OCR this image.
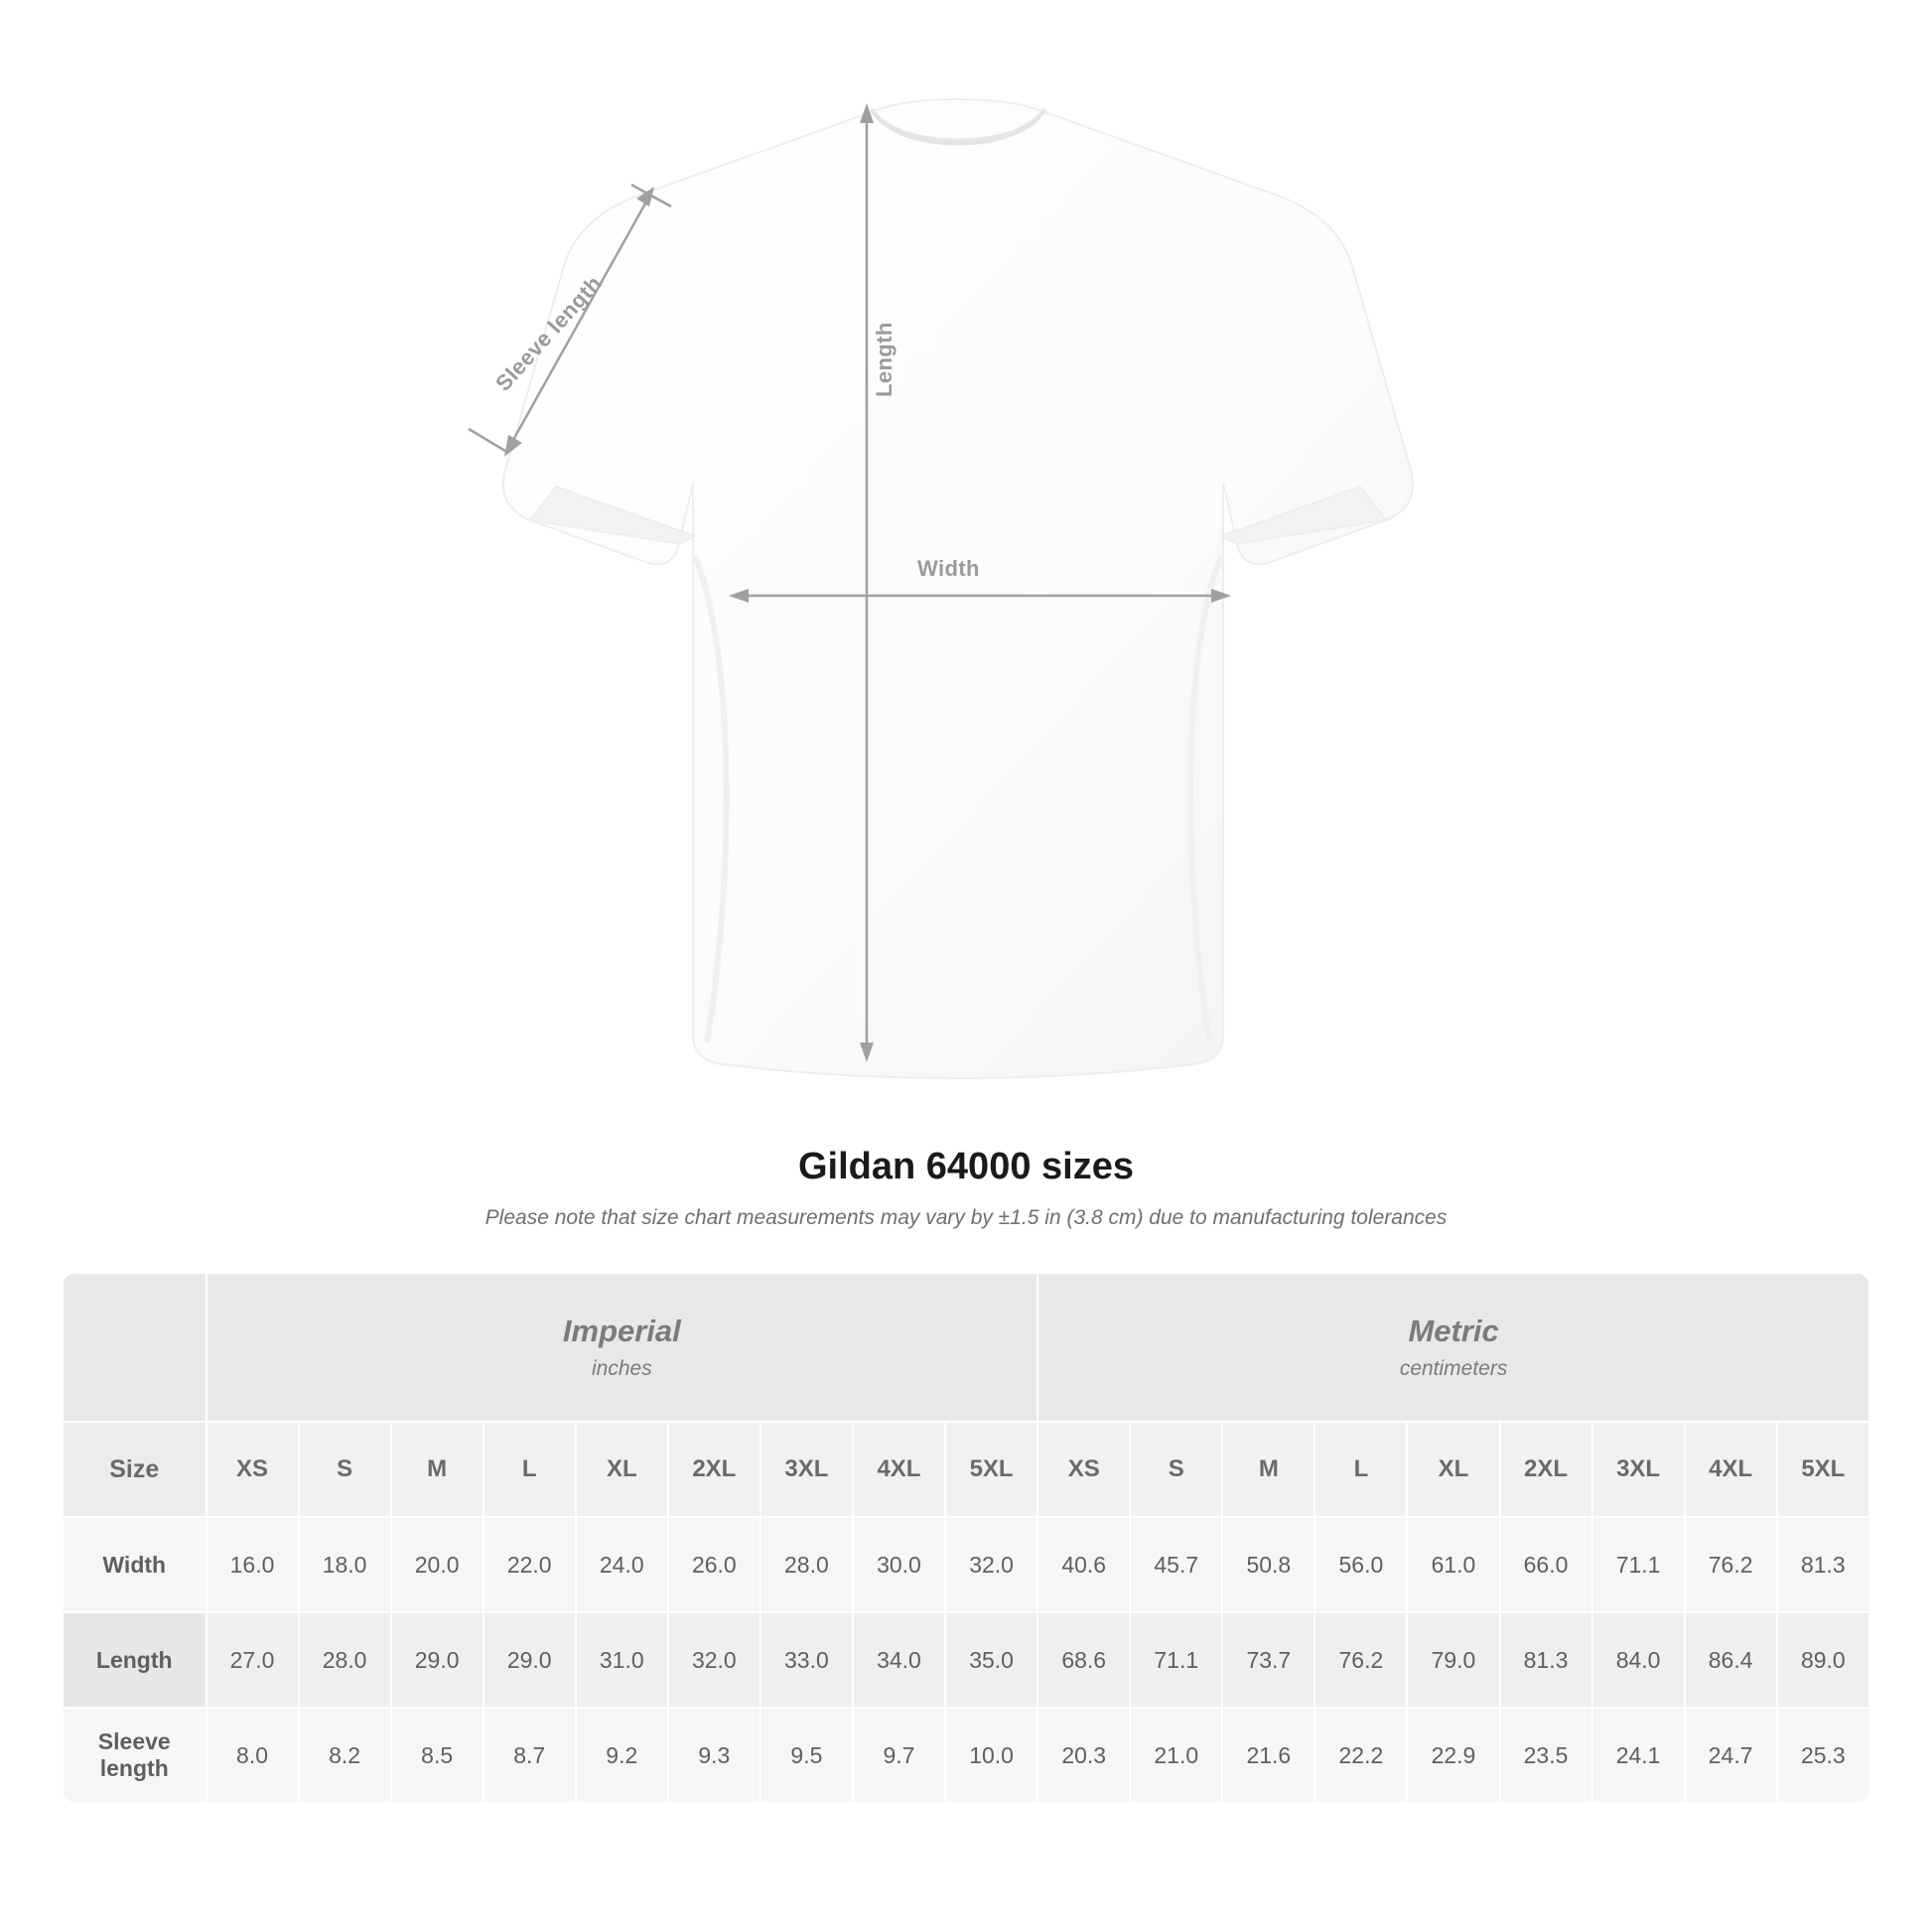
Width
Length
Sleeve length
Gildan 64000 sizes
Please note that size chart measurements may vary by ±1.5 in (3.8 cm) due to manufacturing tolerances

	Imperial
inches									Metric
centimeters								

Size	XS	S	M	L	XL	2XL	3XL	4XL	5XL	XS	S	M	L	XL	2XL	3XL	4XL	5XL
Width	16.0	18.0	20.0	22.0	24.0	26.0	28.0	30.0	32.0	40.6	45.7	50.8	56.0	61.0	66.0	71.1	76.2	81.3
Length	27.0	28.0	29.0	29.0	31.0	32.0	33.0	34.0	35.0	68.6	71.1	73.7	76.2	79.0	81.3	84.0	86.4	89.0
Sleeve length	8.0	8.2	8.5	8.7	9.2	9.3	9.5	9.7	10.0	20.3	21.0	21.6	22.2	22.9	23.5	24.1	24.7	25.3
